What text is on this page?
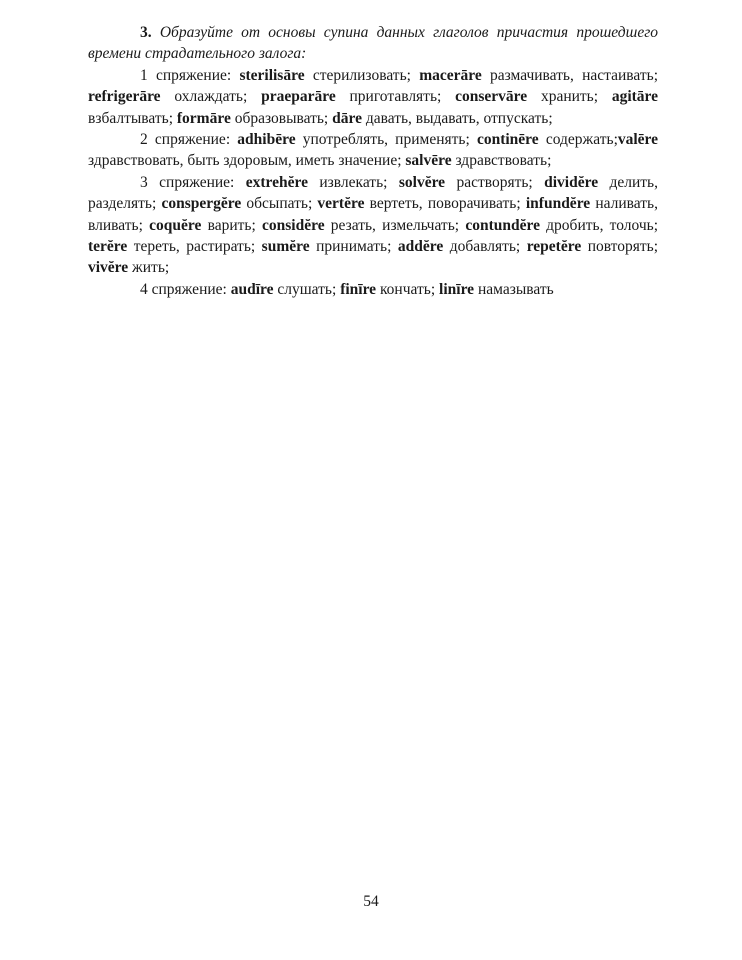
3. Образуйте от основы супина данных глаголов причастия прошедшего времени страдательного залога:

1 спряжение: sterilisāre стерилизовать; macerāre размачивать, настаивать; refrigerāre охлаждать; praeparāre приготавлять; conservāre хранить; agitāre взбалтывать; formāre образовывать; dāre давать, выдавать, отпускать;

2 спряжение: adhibēre употреблять, применять; continēre содержать;valēre здравствовать, быть здоровым, иметь значение; salvēre здравствовать;

3 спряжение: extrehĕre извлекать; solvĕre растворять; dividĕre делить, разделять; conspergĕre обсыпать; vertĕre вертеть, поворачивать; infundĕre наливать, вливать; coquĕre варить; considĕre резать, измельчать; contundĕre дробить, толочь; terĕre тереть, растирать; sumĕre принимать; addĕre добавлять; repetĕre повторять; vivĕre жить;

4 спряжение: audīre слушать; finīre кончать; linīre намазывать

54
